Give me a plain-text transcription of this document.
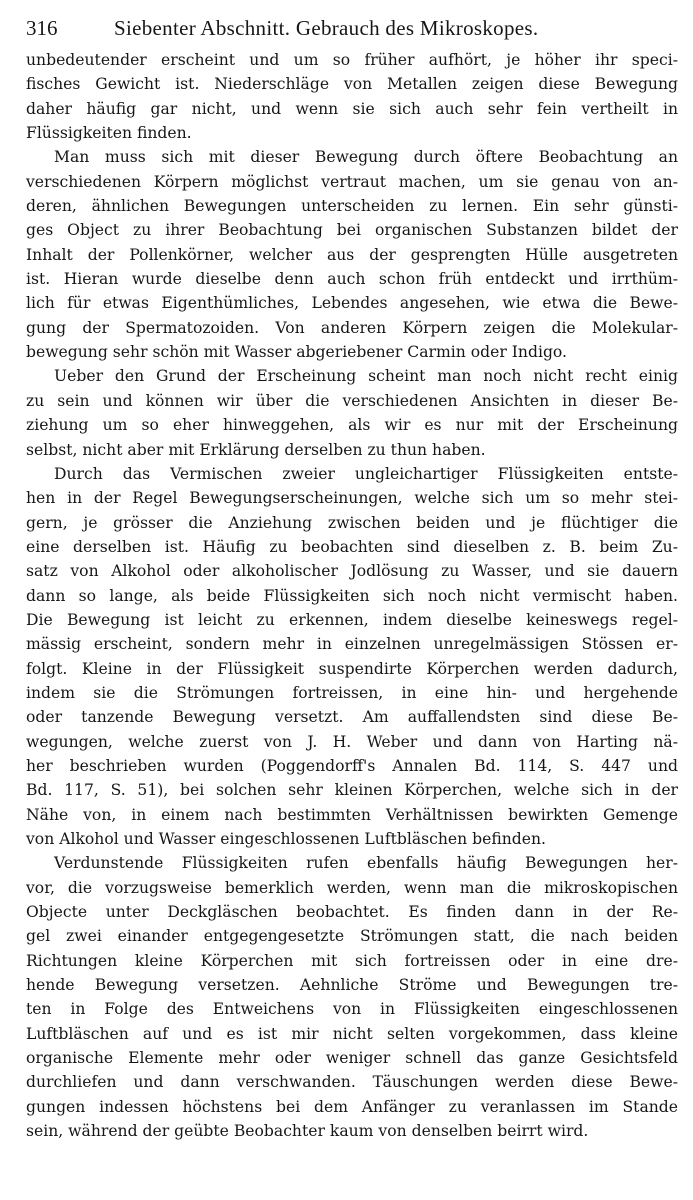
316	Siebenter Abschnitt. Gebrauch des Mikroskopes.
unbedeutender erscheint und um so früher aufhört, je höher ihr speci-
fisches Gewicht ist. Niederschläge von Metallen zeigen diese Bewegung
daher häufig gar nicht, und wenn sie sich auch sehr fein vertheilt in
Flüssigkeiten finden.
Man muss sich mit dieser Bewegung durch öftere Beobachtung an
verschiedenen Körpern möglichst vertraut machen, um sie genau von an-
deren, ähnlichen Bewegungen unterscheiden zu lernen. Ein sehr günsti-
ges Object zu ihrer Beobachtung bei organischen Substanzen bildet der
Inhalt der Pollenkörner, welcher aus der gesprengten Hülle ausgetreten
ist. Hieran wurde dieselbe denn auch schon früh entdeckt und irrthüm-
lich für etwas Eigenthümliches, Lebendes angesehen, wie etwa die Bewe-
gung der Spermatozoiden. Von anderen Körpern zeigen die Molekular-
bewegung sehr schön mit Wasser abgeriebener Carmin oder Indigo.
Ueber den Grund der Erscheinung scheint man noch nicht recht einig
zu sein und können wir über die verschiedenen Ansichten in dieser Be-
ziehung um so eher hinweggehen, als wir es nur mit der Erscheinung
selbst, nicht aber mit Erklärung derselben zu thun haben.
Durch das Vermischen zweier ungleichartiger Flüssigkeiten entste-
hen in der Regel Bewegungserscheinungen, welche sich um so mehr stei-
gern, je grösser die Anziehung zwischen beiden und je flüchtiger die
eine derselben ist. Häufig zu beobachten sind dieselben z. B. beim Zu-
satz von Alkohol oder alkoholischer Jodlösung zu Wasser, und sie dauern
dann so lange, als beide Flüssigkeiten sich noch nicht vermischt haben.
Die Bewegung ist leicht zu erkennen, indem dieselbe keineswegs regel-
mässig erscheint, sondern mehr in einzelnen unregelmässigen Stössen er-
folgt. Kleine in der Flüssigkeit suspendirte Körperchen werden dadurch,
indem sie die Strömungen fortreissen, in eine hin- und hergehende
oder tanzende Bewegung versetzt. Am auffallendsten sind diese Be-
wegungen, welche zuerst von J. H. Weber und dann von Harting nä-
her beschrieben wurden (Poggendorff's Annalen Bd. 114, S. 447 und
Bd. 117, S. 51), bei solchen sehr kleinen Körperchen, welche sich in der
Nähe von, in einem nach bestimmten Verhältnissen bewirkten Gemenge
von Alkohol und Wasser eingeschlossenen Luftbläschen befinden.
Verdunstende Flüssigkeiten rufen ebenfalls häufig Bewegungen her-
vor, die vorzugsweise bemerklich werden, wenn man die mikroskopischen
Objecte unter Deckgläschen beobachtet. Es finden dann in der Re-
gel zwei einander entgegengesetzte Strömungen statt, die nach beiden
Richtungen kleine Körperchen mit sich fortreissen oder in eine dre-
hende Bewegung versetzen. Aehnliche Ströme und Bewegungen tre-
ten in Folge des Entweichens von in Flüssigkeiten eingeschlossenen
Luftbläschen auf und es ist mir nicht selten vorgekommen, dass kleine
organische Elemente mehr oder weniger schnell das ganze Gesichtsfeld
durchliefen und dann verschwanden. Täuschungen werden diese Bewe-
gungen indessen höchstens bei dem Anfänger zu veranlassen im Stande
sein, während der geübte Beobachter kaum von denselben beirrt wird.
